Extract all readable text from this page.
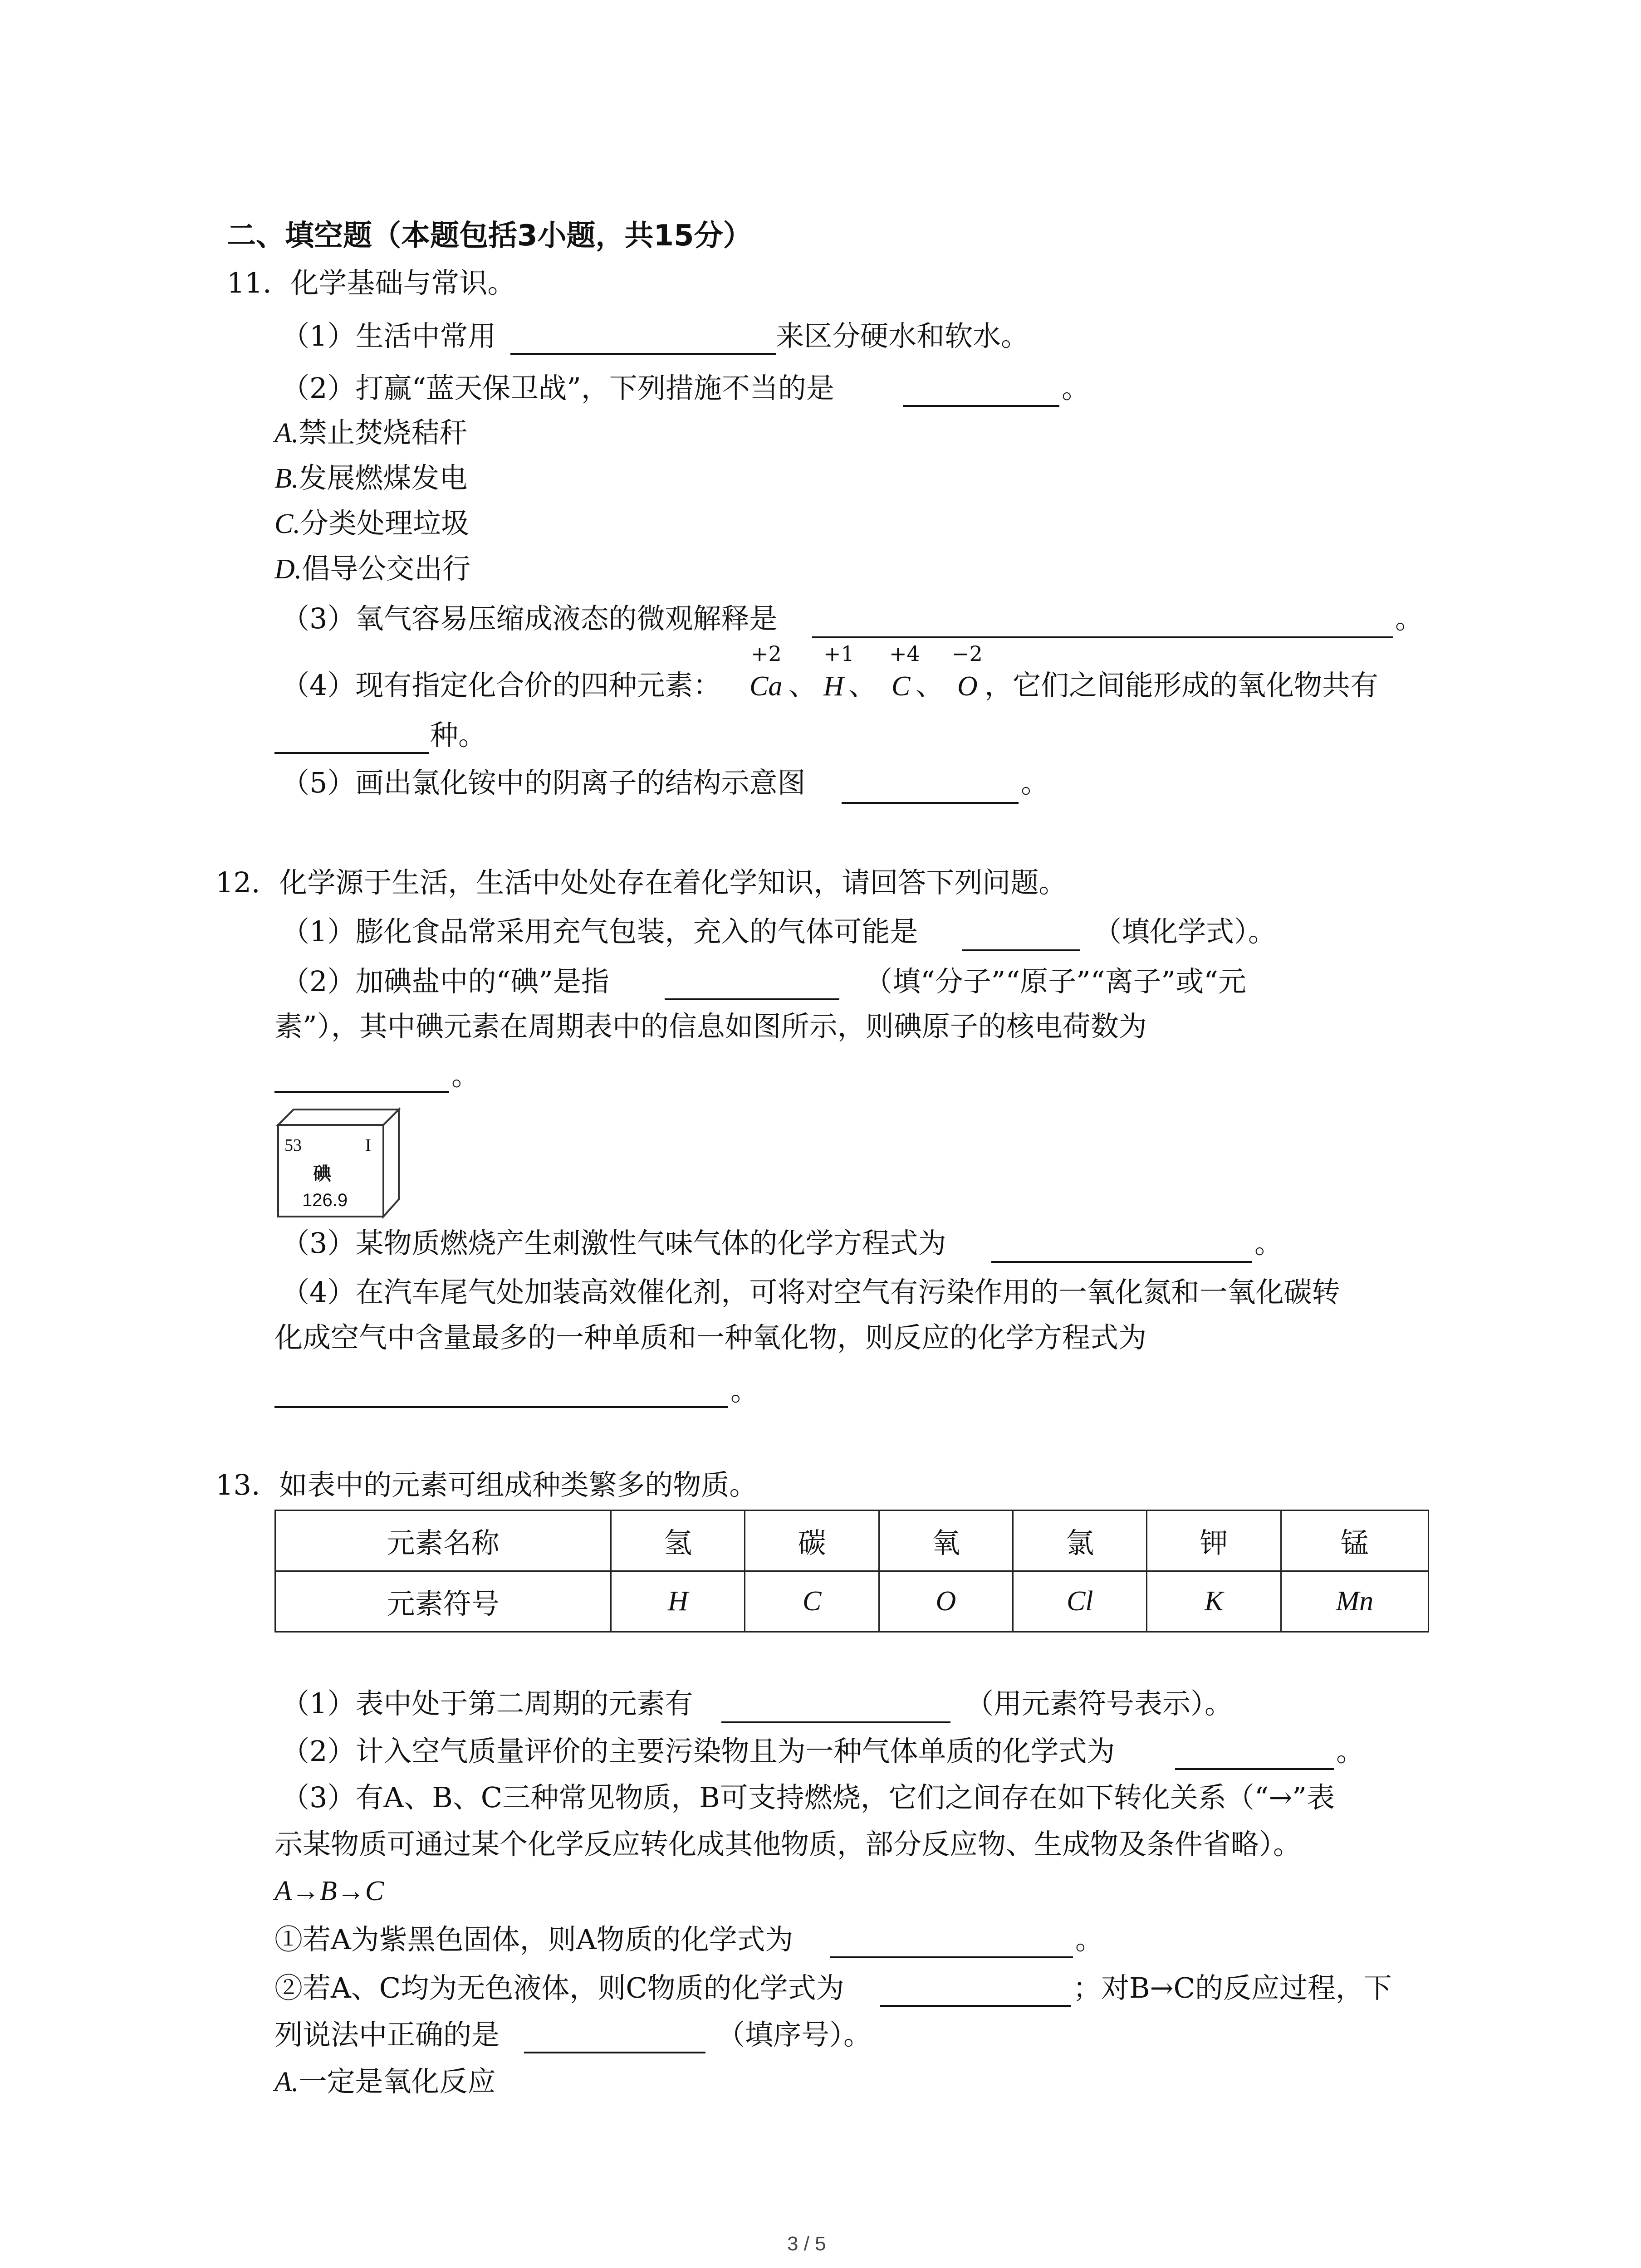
二、填空题（本题包括3小题，共15分）
11. 化学基础与常识。
（1）生活中常用	来区分硬水和软水。
（2）打赢“蓝天保卫战”，下列措施不当的是	。
A.禁止焚烧秸秆
B.发展燃煤发电
C.分类处理垃圾
D.倡导公交出行
（3）氧气容易压缩成液态的微观解释是	。
（4）现有指定化合价的四种元素：
+2
Ca 、
+1
H 、
+4
C 、
−2
O ，它们之间能形成的氧化物共有
种。
（5）画出氯化铵中的阴离子的结构示意图	。
12. 化学源于生活，生活中处处存在着化学知识，请回答下列问题。
（1）膨化食品常采用充气包装，充入的气体可能是	（填化学式）。
（2）加碘盐中的“碘”是指	（填“分子”“原子”“离子”或“元
素”），其中碘元素在周期表中的信息如图所示，则碘原子的核电荷数为
。
53	I
碘
126.9
（3）某物质燃烧产生刺激性气味气体的化学方程式为	。
（4）在汽车尾气处加装高效催化剂，可将对空气有污染作用的一氧化氮和一氧化碳转
化成空气中含量最多的一种单质和一种氧化物，则反应的化学方程式为
。
13. 如表中的元素可组成种类繁多的物质。
元素名称	氢	碳	氧	氯	钾	锰
元素符号	H	C	O	Cl	K	Mn
（1）表中处于第二周期的元素有	（用元素符号表示）。
（2）计入空气质量评价的主要污染物且为一种气体单质的化学式为	。
（3）有A、B、C三种常见物质，B可支持燃烧，它们之间存在如下转化关系（“→”表
示某物质可通过某个化学反应转化成其他物质，部分反应物、生成物及条件省略）。
A→B→C
①若A为紫黑色固体，则A物质的化学式为	。
②若A、C均为无色液体，则C物质的化学式为	；对B→C的反应过程，下
列说法中正确的是	（填序号）。
A.一定是氧化反应
3 / 5
